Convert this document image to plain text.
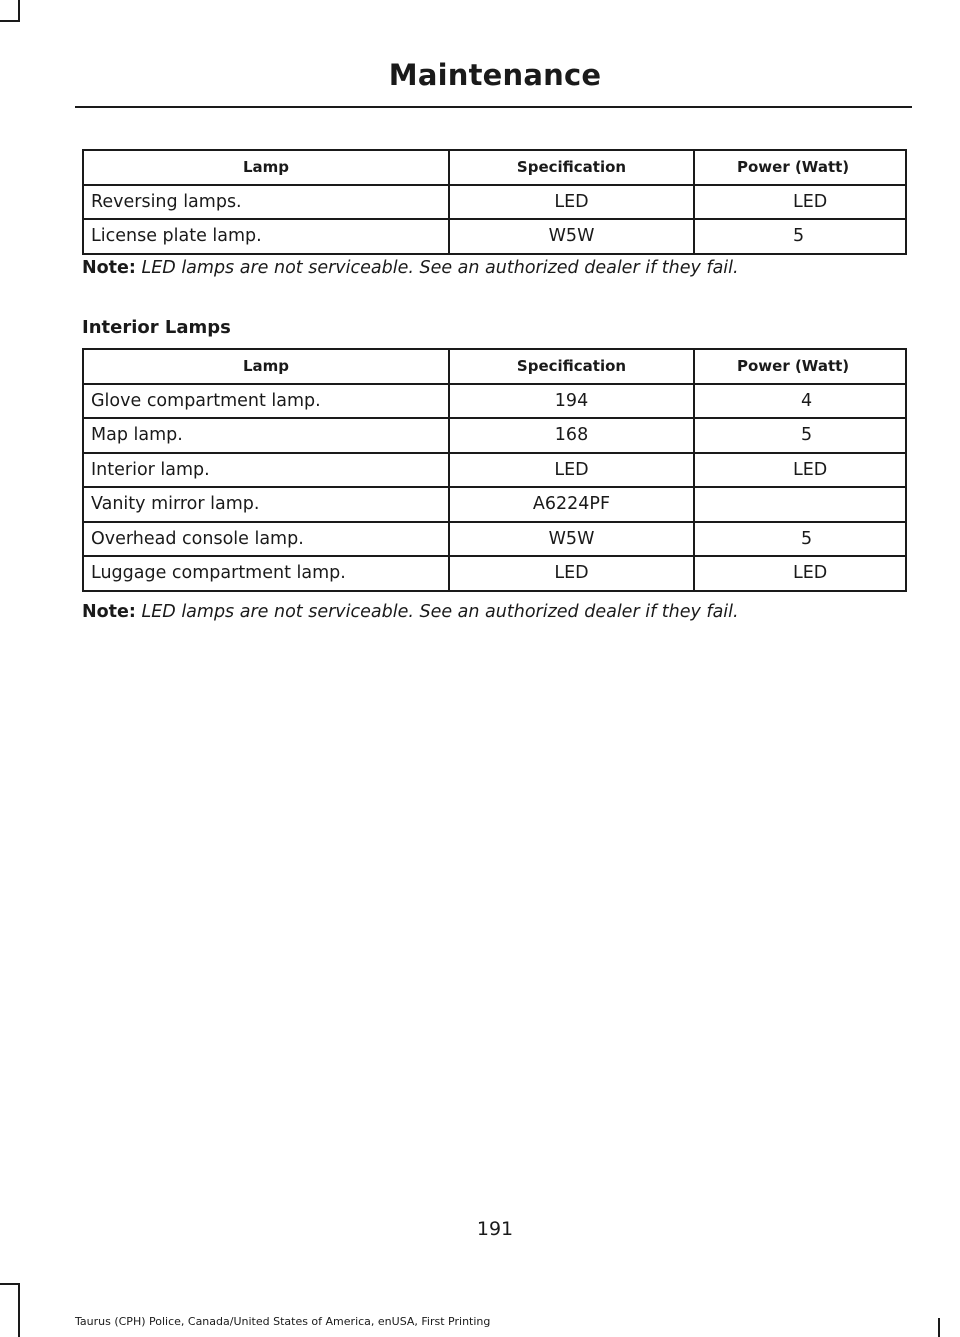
Maintenance
Lamp	Specification	Power (Watt)
Reversing lamps.	LED	LED
License plate lamp.	W5W	5
Note: LED lamps are not serviceable. See an authorized dealer if they fail.
Interior Lamps
Lamp	Specification	Power (Watt)
Glove compartment lamp.	194	4
Map lamp.	168	5
Interior lamp.	LED	LED
Vanity mirror lamp.	A6224PF	
Overhead console lamp.	W5W	5
Luggage compartment lamp.	LED	LED
Note: LED lamps are not serviceable. See an authorized dealer if they fail.
191
Taurus (CPH) Police, Canada/United States of America, enUSA, First Printing
